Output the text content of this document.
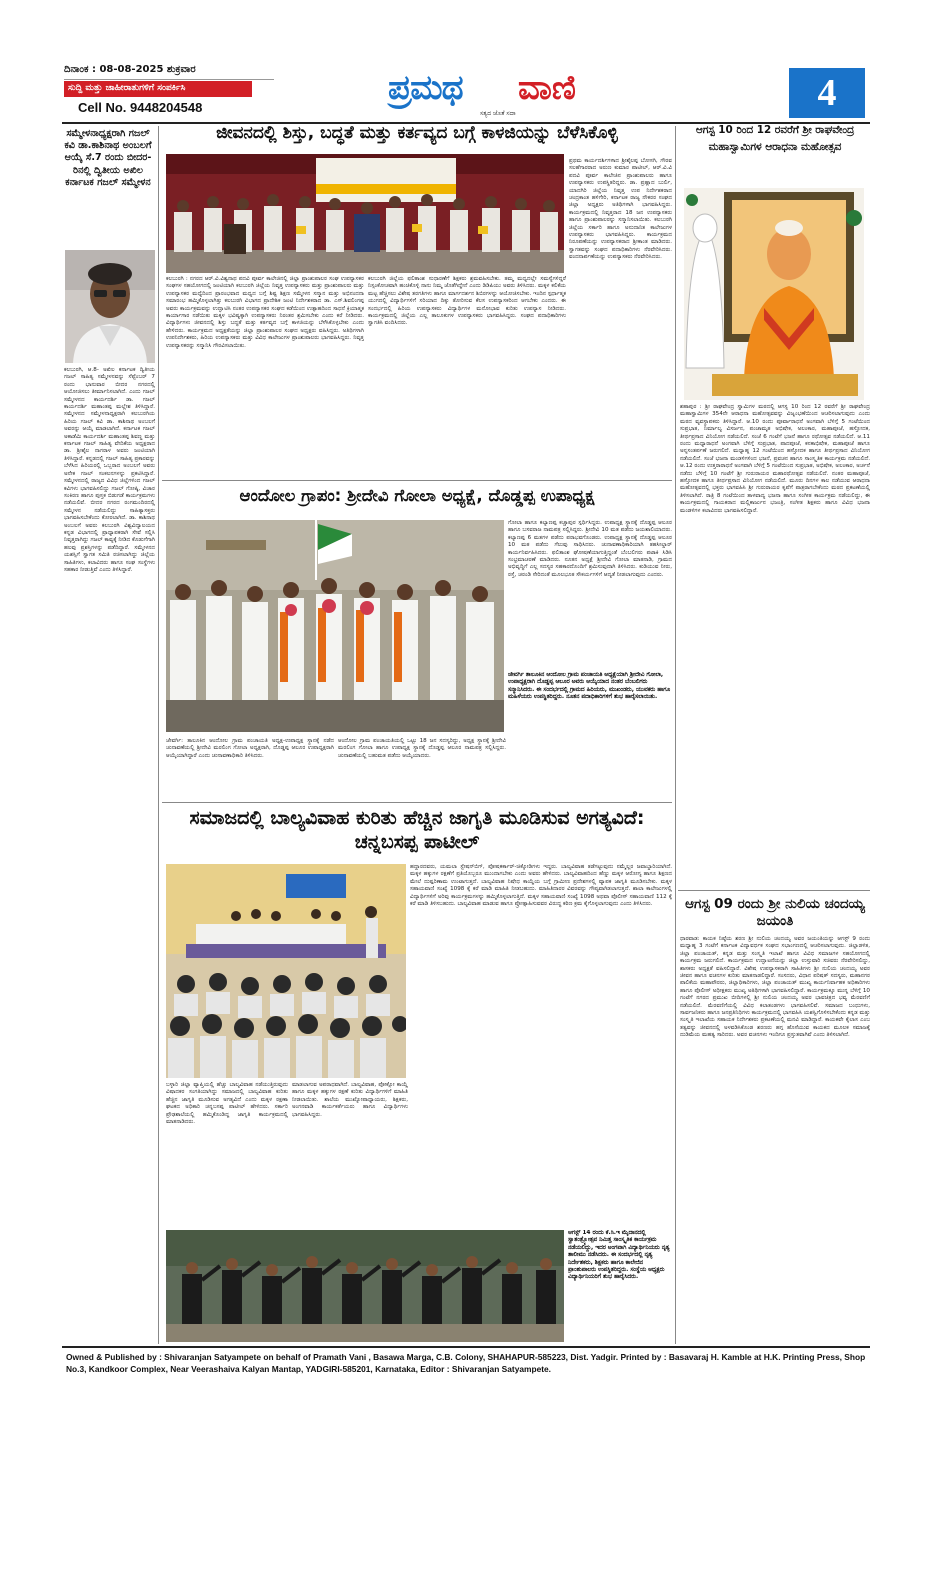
ದಿನಾಂಕ : 08-08-2025 ಶುಕ್ರವಾರ
ಸುದ್ದಿ ಮತ್ತು ಜಾಹೀರಾತುಗಳಿಗೆ ಸಂಪರ್ಕಿಸಿ
Cell No. 9448204548	ಪ್ರಮಥ ವಾಣಿ
ಸತ್ಯದ ಜೊತೆ ಸದಾ	4
ಸಮ್ಮೇಳನಾಧ್ಯಕ್ಷರಾಗಿ ಗಜಲ್ ಕವಿ ಡಾ.ಕಾಶಿನಾಥ ಅಂಬಲಗೆ ಆಯ್ಕೆ ಸೆ.7 ರಂದು ಬೀದರ-ರಿನಲ್ಲಿ ದ್ವಿತೀಯ ಅಖಿಲ ಕರ್ನಾಟಕ ಗಜಲ್ ಸಮ್ಮೇಳನ
ಕಲಬುರಗಿ, ಆ.8- ಅಖಿಲ ಕರ್ನಾಟಕ ದ್ವಿತೀಯ ಗಜಲ್ ಸಾಹಿತ್ಯ ಸಮ್ಮೇಳನವನ್ನು ಸೆಪ್ಟೆಂಬರ್ 7 ರಂದು ಭಾನುವಾರ ಬೀದರ ನಗರದಲ್ಲಿ ಆಯೋಜಿಸಲು ತೀರ್ಮಾನಿಸಲಾಗಿದೆ. ಎಂದು ಗಜಲ್ ಸಮ್ಮೇಳನದ ಕಾರ್ಯದರ್ಶಿ ಡಾ. ಗಜಲ್ ಕಾರ್ಯದರ್ಶಿ ಮಹಾಂತಪ್ಪ ಮಲ್ಲೇಶ ತಿಳಿಸಿದ್ದಾರೆ. ಸಮ್ಮೇಳನದ ಸಮ್ಮೇಳನಾಧ್ಯಕ್ಷರಾಗಿ ಕಲಬುರಗಿಯ ಹಿರಿಯ ಗಜಲ್ ಕವಿ ಡಾ. ಕಾಶಿನಾಥ ಅಂಬಲಗೆ ಅವರನ್ನು ಆಯ್ಕೆ ಮಾಡಲಾಗಿದೆ. ಕರ್ನಾಟಕ ಗಜಲ್ ಅಕಾಡೆಮಿ ಕಾರ್ಯದರ್ಶಿ ಮಹಾಂತಪ್ಪ ಶಿವಣ್ಣ ಮತ್ತು ಕರ್ನಾಟಕ ಗಜಲ್ ಸಾಹಿತ್ಯ ವೇದಿಕೆಯ ಅಧ್ಯಕ್ಷರಾದ ಡಾ. ಶ್ರೀಶೈಲ ನಾಗರಾಳ ಅವರು ಜಂಟಿಯಾಗಿ ತಿಳಿಸಿದ್ದಾರೆ. ಕನ್ನಡದಲ್ಲಿ ಗಜಲ್ ಸಾಹಿತ್ಯ ಪ್ರಕಾರವನ್ನು ಬೆಳೆಸಿದ ಹಿರಿಯರಲ್ಲಿ ಒಬ್ಬರಾದ ಅಂಬಲಗೆ ಅವರು ಅನೇಕ ಗಜಲ್ ಸಂಕಲನಗಳನ್ನು ಪ್ರಕಟಿಸಿದ್ದಾರೆ. ಸಮ್ಮೇಳನದಲ್ಲಿ ರಾಜ್ಯದ ವಿವಿಧ ಜಿಲ್ಲೆಗಳಿಂದ ಗಜಲ್ ಕವಿಗಳು ಭಾಗವಹಿಸಲಿದ್ದು ಗಜಲ್ ಗೋಷ್ಠಿ, ವಿಚಾರ ಸಂಕಿರಣ ಹಾಗೂ ಪುಸ್ತಕ ಬಿಡುಗಡೆ ಕಾರ್ಯಕ್ರಮಗಳು ನಡೆಯಲಿವೆ. ಬೀದರ ನಗರದ ರಂಗಮಂದಿರದಲ್ಲಿ ಸಮ್ಮೇಳನ ನಡೆಯಲಿದ್ದು ಸಾಹಿತ್ಯಾಸಕ್ತರು ಭಾಗವಹಿಸಬೇಕೆಂದು ಕೋರಲಾಗಿದೆ. ಡಾ. ಕಾಶಿನಾಥ ಅಂಬಲಗೆ ಅವರು ಕಲಬುರಗಿ ವಿಶ್ವವಿದ್ಯಾಲಯದ ಕನ್ನಡ ವಿಭಾಗದಲ್ಲಿ ಪ್ರಾಧ್ಯಾಪಕರಾಗಿ ಸೇವೆ ಸಲ್ಲಿಸಿ ನಿವೃತ್ತರಾಗಿದ್ದು ಗಜಲ್ ಕಾವ್ಯಕ್ಕೆ ನೀಡಿದ ಕೊಡುಗೆಗಾಗಿ ಹಲವು ಪ್ರಶಸ್ತಿಗಳನ್ನು ಪಡೆದಿದ್ದಾರೆ. ಸಮ್ಮೇಳನದ ಯಶಸ್ಸಿಗೆ ಸ್ವಾಗತ ಸಮಿತಿ ರಚಿಸಲಾಗಿದ್ದು ಜಿಲ್ಲೆಯ ಸಾಹಿತಿಗಳು, ಕಲಾವಿದರು ಹಾಗೂ ಸಂಘ ಸಂಸ್ಥೆಗಳು ಸಹಕಾರ ನೀಡುತ್ತಿವೆ ಎಂದು ತಿಳಿಸಿದ್ದಾರೆ.
ಜೀವನದಲ್ಲಿ ಶಿಸ್ತು, ಬದ್ಧತೆ ಮತ್ತು ಕರ್ತವ್ಯದ ಬಗ್ಗೆ ಕಾಳಜಿಯನ್ನು ಬೆಳೆಸಿಕೊಳ್ಳಿ
ಕಲಬುರಗಿ : ನಗರದ ಆರ್.ವಿ.ವಿಶ್ವನಾಥ ಪದವಿ ಪೂರ್ವ ಕಾಲೇಜಿನಲ್ಲಿ ಜಿಲ್ಲಾ ಪ್ರಾಂಶುಪಾಲರ ಸಂಘ ಉಪನ್ಯಾಸಕರ ಸಂಘಗಳ ಸಹಯೋಗದಲ್ಲಿ ಜಂಟಿಯಾಗಿ ಕಲಬುರಗಿ ಜಿಲ್ಲೆಯ ನಿವೃತ್ತ ಉಪನ್ಯಾಸಕರು ಮತ್ತು ಪ್ರಾಂಶುಪಾಲರು ಮತ್ತು ಉಪನ್ಯಾಸಕರ ಮಧ್ಯೆದಿಂದ ಪ್ರಾರಂಭವಾದ ಮಧ್ಯದ ಬಗ್ಗೆ ಶಿಷ್ಟ ಶಿಕ್ಷಣ ಸಮ್ಮೇಳನ ಸನ್ಮಾನ ಮತ್ತು ಅಭಿನಂದನಾ ಸಮಾರಂಭ ಹಮ್ಮಿಕೊಳ್ಳಲಾಗಿತ್ತು ಕಲಬುರಗಿ ವಿಭಾಗದ ಪ್ರಾದೇಶಿಕ ಜಂಟಿ ನಿರ್ದೇಶಕರಾದ ಡಾ. ಎಸ್.ಶಿವಲಿಂಗಪ್ಪ ಅವರು ಕಾರ್ಯಕ್ರಮವನ್ನು ಉದ್ಘಾಟಿಸಿ ನಂತರ ಉಪನ್ಯಾಸಕರ ಸಂಘದ ಕಡೆಯಿಂದ ಉತ್ಸಾಹದಿಂದ ಸಾಧನೆ ಕ್ರಿಯಾತ್ಮಕ ಕಾರ್ಯಾಗಾರ ನಡೆಯಿತು ಮಕ್ಕಳ ಭವಿಷ್ಯಕ್ಕಾಗಿ ಉಪನ್ಯಾಸಕರು ನಿರಂತರ ಶ್ರಮಿಸಬೇಕು ಎಂದು ಕರೆ ನೀಡಿದರು. ವಿದ್ಯಾರ್ಥಿಗಳು ಜೀವನದಲ್ಲಿ ಶಿಸ್ತು ಬದ್ಧತೆ ಮತ್ತು ಕರ್ತವ್ಯದ ಬಗ್ಗೆ ಕಾಳಜಿಯನ್ನು ಬೆಳೆಸಿಕೊಳ್ಳಬೇಕು ಎಂದು ಹೇಳಿದರು. ಕಾರ್ಯಕ್ರಮದ ಅಧ್ಯಕ್ಷತೆಯನ್ನು ಜಿಲ್ಲಾ ಪ್ರಾಂಶುಪಾಲರ ಸಂಘದ ಅಧ್ಯಕ್ಷರು ವಹಿಸಿದ್ದರು. ಅತಿಥಿಗಳಾಗಿ ಉಪನಿರ್ದೇಶಕರು, ಹಿರಿಯ ಉಪನ್ಯಾಸಕರು ಮತ್ತು ವಿವಿಧ ಕಾಲೇಜುಗಳ ಪ್ರಾಂಶುಪಾಲರು ಭಾಗವಹಿಸಿದ್ದರು. ನಿವೃತ್ತ ಉಪನ್ಯಾಸಕರನ್ನು ಸನ್ಮಾನಿಸಿ ಗೌರವಿಸಲಾಯಿತು.
ಕಲಬುರಗಿ ಜಿಲ್ಲೆಯ ಫಲಿತಾಂಶ ಸುಧಾರಣೆಗೆ ಶಿಕ್ಷಕರು ಶ್ರಮವಹಿಸಬೇಕು. ತಮ್ಮ ಮಧ್ಯದಲ್ಲೇ ಸಮಸ್ಯೆಗಳಿದ್ದರೆ ನಿಸ್ಸಂಕೋಚವಾಗಿ ಹಂಚಿಕೊಳ್ಳಿ ನಾನು ನಿಮ್ಮ ಜೊತೆಗಿದ್ದೇನೆ ಎಂದು ಡಿಡಿಪಿಯು ಅವರು ತಿಳಿಸಿದರು. ಮಕ್ಕಳ ಕಲಿಕೆಯ ಮಟ್ಟ ಹೆಚ್ಚಿಸಲು ವಿಶೇಷ ತರಗತಿಗಳು ಹಾಗೂ ಮಾರ್ಗದರ್ಶನ ಶಿಬಿರಗಳನ್ನು ಆಯೋಜಿಸಬೇಕು. ಇಂದಿನ ಸ್ಪರ್ಧಾತ್ಮಕ ಯುಗದಲ್ಲಿ ವಿದ್ಯಾರ್ಥಿಗಳಿಗೆ ಸರಿಯಾದ ದಿಕ್ಕು ತೋರಿಸುವ ಕೆಲಸ ಉಪನ್ಯಾಸಕರಿಂದ ಆಗಬೇಕು ಎಂದರು. ಈ ಸಂದರ್ಭದಲ್ಲಿ ಹಿರಿಯ ಉಪನ್ಯಾಸಕರು ವಿದ್ಯಾರ್ಥಿಗಳ ಮನೋಭಾವ ಕುರಿತು ಉಪನ್ಯಾಸ ನೀಡಿದರು. ಕಾರ್ಯಕ್ರಮದಲ್ಲಿ ಜಿಲ್ಲೆಯ ಎಲ್ಲ ತಾಲೂಕುಗಳ ಉಪನ್ಯಾಸಕರು ಭಾಗವಹಿಸಿದ್ದರು. ಸಂಘದ ಪದಾಧಿಕಾರಿಗಳು ಸ್ವಾಗತಿಸಿ ವಂದಿಸಿದರು.
ಪ್ರಥಮ ಕಾರ್ಯದರ್ಶಿಗಳಾದ ಶ್ರೀಶೈಲಪ್ಪ ಬೋಸಗಿ, ಗೌರವ ಸಲಹೆಗಾರರಾದ ಅರುಣ ಕುಮಾರ ಪಾಟೀಲ್, ಆರ್.ವಿ.ವಿ ಪದವಿ ಪೂರ್ವ ಕಾಲೇಜಿನ ಪ್ರಾಂಶುಪಾಲರು ಹಾಗೂ ಉಪನ್ಯಾಸಕರು ಉಪಸ್ಥಿತರಿದ್ದರು. ಡಾ. ಪ್ರಹ್ಲಾದ ಬುರ್ಲಿ, ಯಾದಗಿರಿ ಜಿಲ್ಲೆಯ ನಿವೃತ್ತ ಉಪ ನಿರ್ದೇಶಕರಾದ ಚಂದ್ರಕಾಂತ ಹಳಿಗೇರಿ, ಕರ್ನಾಟಕ ರಾಜ್ಯ ನೌಕರರ ಸಂಘದ ಜಿಲ್ಲಾ ಅಧ್ಯಕ್ಷರು ಅತಿಥಿಗಳಾಗಿ ಭಾಗವಹಿಸಿದ್ದರು. ಕಾರ್ಯಕ್ರಮದಲ್ಲಿ ನಿವೃತ್ತರಾದ 18 ಜನ ಉಪನ್ಯಾಸಕರು ಹಾಗೂ ಪ್ರಾಂಶುಪಾಲರನ್ನು ಸನ್ಮಾನಿಸಲಾಯಿತು. ಕಲಬುರಗಿ ಜಿಲ್ಲೆಯ ಸರ್ಕಾರಿ ಹಾಗೂ ಅನುದಾನಿತ ಕಾಲೇಜುಗಳ ಉಪನ್ಯಾಸಕರು ಭಾಗವಹಿಸಿದ್ದರು. ಕಾರ್ಯಕ್ರಮದ ನಿರೂಪಣೆಯನ್ನು ಉಪನ್ಯಾಸಕರಾದ ಶ್ರೀಕಾಂತ ಮಾಡಿದರು. ಸ್ವಾಗತವನ್ನು ಸಂಘದ ಪದಾಧಿಕಾರಿಗಳು ನೆರವೇರಿಸಿದರು. ವಂದನಾರ್ಪಣೆಯನ್ನು ಉಪನ್ಯಾಸಕರು ನೆರವೇರಿಸಿದರು.
ಆಗಸ್ಟ 10 ರಿಂದ 12 ರವರೆಗೆ ಶ್ರೀ ರಾಘವೇಂದ್ರ ಮಹಾಸ್ವಾಮಿಗಳ ಆರಾಧನಾ ಮಹೋತ್ಸವ
ಶಹಾಪುರ : ಶ್ರೀ ರಾಘವೇಂದ್ರ ಸ್ವಾಮಿಗಳ ಮಠದಲ್ಲಿ ಆಗಸ್ಟ 10 ರಿಂದ 12 ರವರೆಗೆ ಶ್ರೀ ರಾಘವೇಂದ್ರ ಮಹಾಸ್ವಾಮಿಗಳ 354ನೇ ಆರಾಧನಾ ಮಹೋತ್ಸವವನ್ನು ವಿಜೃಂಭಣೆಯಿಂದ ಆಚರಿಸಲಾಗುವುದು ಎಂದು ಮಠದ ವ್ಯವಸ್ಥಾಪಕರು ತಿಳಿಸಿದ್ದಾರೆ. ಆ.10 ರಂದು ಪೂರ್ವಾರಾಧನೆ ಅಂಗವಾಗಿ ಬೆಳಿಗ್ಗೆ 5 ಗಂಟೆಯಿಂದ ಸುಪ್ರಭಾತ, ನಿರ್ಮಾಲ್ಯ ವಿಸರ್ಜನ, ಪಂಚಾಮೃತ ಅಭಿಷೇಕ, ಅಲಂಕಾರ, ಮಹಾಪೂಜೆ, ಹಸ್ತೋದಕ, ತೀರ್ಥಪ್ರಸಾದ ವಿನಿಯೋಗ ನಡೆಯಲಿದೆ. ಸಂಜೆ 6 ಗಂಟೆಗೆ ಭಜನೆ ಹಾಗೂ ರಥೋತ್ಸವ ನಡೆಯಲಿದೆ. ಆ.11 ರಂದು ಮಧ್ಯಾರಾಧನೆ ಅಂಗವಾಗಿ ಬೆಳಿಗ್ಗೆ ಸುಪ್ರಭಾತ, ಪಾದಪೂಜೆ, ಕನಕಾಭಿಷೇಕ, ಮಹಾಪೂಜೆ ಹಾಗೂ ಅನ್ನಸಂತರ್ಪಣೆ ಜರುಗಲಿದೆ. ಮಧ್ಯಾಹ್ನ 12 ಗಂಟೆಯಿಂದ ಹಸ್ತೋದಕ ಹಾಗೂ ತೀರ್ಥಪ್ರಸಾದ ವಿನಿಯೋಗ ನಡೆಯಲಿದೆ. ಸಂಜೆ ಭಜನಾ ಮಂಡಳಿಗಳಿಂದ ಭಜನೆ, ಪ್ರವಚನ ಹಾಗೂ ಸಾಂಸ್ಕೃತಿಕ ಕಾರ್ಯಕ್ರಮ ನಡೆಯಲಿದೆ. ಆ.12 ರಂದು ಉತ್ತರಾರಾಧನೆ ಅಂಗವಾಗಿ ಬೆಳಿಗ್ಗೆ 5 ಗಂಟೆಯಿಂದ ಸುಪ್ರಭಾತ, ಅಭಿಷೇಕ, ಅಲಂಕಾರ, ಅರ್ಚನೆ ನಡೆದು ಬೆಳಿಗ್ಗೆ 10 ಗಂಟೆಗೆ ಶ್ರೀ ಗುರುರಾಯರ ಮಹಾರಥೋತ್ಸವ ನಡೆಯಲಿದೆ. ನಂತರ ಮಹಾಪೂಜೆ, ಹಸ್ತೋದಕ ಹಾಗೂ ತೀರ್ಥಪ್ರಸಾದ ವಿನಿಯೋಗ ನಡೆಯಲಿದೆ. ಮೂರು ದಿನಗಳ ಕಾಲ ನಡೆಯುವ ಆರಾಧನಾ ಮಹೋತ್ಸವದಲ್ಲಿ ಭಕ್ತರು ಭಾಗವಹಿಸಿ ಶ್ರೀ ಗುರುರಾಯರ ಕೃಪೆಗೆ ಪಾತ್ರರಾಗಬೇಕೆಂದು ಮಠದ ಪ್ರಕಟಣೆಯಲ್ಲಿ ತಿಳಿಸಲಾಗಿದೆ. ರಾತ್ರಿ 8 ಗಂಟೆಯಿಂದ ತಾಳವಾದ್ಯ ಭಜನಾ ಹಾಗೂ ಸಂಗೀತ ಕಾರ್ಯಕ್ರಮ ನಡೆಯಲಿದ್ದು, ಈ ಕಾರ್ಯಕ್ರಮದಲ್ಲಿ ಗಾಯಕರಾದ ಮಲ್ಲಿಕಾರ್ಜುನ ಭಜಂತ್ರಿ, ಸಂಗೀತ ಶಿಕ್ಷಕರು ಹಾಗೂ ವಿವಿಧ ಭಜನಾ ಮಂಡಳಿಗಳ ಕಲಾವಿದರು ಭಾಗವಹಿಸಲಿದ್ದಾರೆ.
ಆಗಸ್ಟ 09 ರಂದು ಶ್ರೀ ನುಲಿಯ ಚಂದಯ್ಯ ಜಯಂತಿ
ಧಾರವಾಡ: ಕಾಯಕ ನಿಷ್ಠೆಯ ಶರಣ ಶ್ರೀ ನುಲಿಯ ಚಂದಯ್ಯ ಅವರ ಜಯಂತಿಯನ್ನು ಆಗಸ್ಟ್ 9 ರಂದು ಮಧ್ಯಾಹ್ನ 3 ಗಂಟೆಗೆ ಕರ್ನಾಟಕ ವಿದ್ಯಾವರ್ಧಕ ಸಂಘದ ಸಭಾಂಗಣದಲ್ಲಿ ಆಚರಿಸಲಾಗುವುದು. ಜಿಲ್ಲಾಡಳಿತ, ಜಿಲ್ಲಾ ಪಂಚಾಯತ್, ಕನ್ನಡ ಮತ್ತು ಸಂಸ್ಕೃತಿ ಇಲಾಖೆ ಹಾಗೂ ವಿವಿಧ ಸಮಾಜಗಳ ಸಹಯೋಗದಲ್ಲಿ ಕಾರ್ಯಕ್ರಮ ಜರುಗಲಿದೆ. ಕಾರ್ಯಕ್ರಮದ ಉದ್ಘಾಟನೆಯನ್ನು ಜಿಲ್ಲಾ ಉಸ್ತುವಾರಿ ಸಚಿವರು ನೆರವೇರಿಸಲಿದ್ದು, ಶಾಸಕರು ಅಧ್ಯಕ್ಷತೆ ವಹಿಸಲಿದ್ದಾರೆ. ವಿಶೇಷ ಉಪನ್ಯಾಸಕರಾಗಿ ಸಾಹಿತಿಗಳು ಶ್ರೀ ನುಲಿಯ ಚಂದಯ್ಯ ಅವರ ಜೀವನ ಹಾಗೂ ವಚನಗಳ ಕುರಿತು ಮಾತನಾಡಲಿದ್ದಾರೆ. ಸಂಸದರು, ವಿಧಾನ ಪರಿಷತ್ ಸದಸ್ಯರು, ಮಹಾನಗರ ಪಾಲಿಕೆಯ ಮಹಾಪೌರರು, ಜಿಲ್ಲಾಧಿಕಾರಿಗಳು, ಜಿಲ್ಲಾ ಪಂಚಾಯತ್ ಮುಖ್ಯ ಕಾರ್ಯನಿರ್ವಾಹಕ ಅಧಿಕಾರಿಗಳು ಹಾಗೂ ಪೊಲೀಸ್ ಅಧೀಕ್ಷಕರು ಮುಖ್ಯ ಅತಿಥಿಗಳಾಗಿ ಭಾಗವಹಿಸಲಿದ್ದಾರೆ. ಕಾರ್ಯಕ್ರಮಕ್ಕೂ ಮುನ್ನ ಬೆಳಿಗ್ಗೆ 10 ಗಂಟೆಗೆ ನಗರದ ಪ್ರಮುಖ ಬೀದಿಗಳಲ್ಲಿ ಶ್ರೀ ನುಲಿಯ ಚಂದಯ್ಯ ಅವರ ಭಾವಚಿತ್ರದ ಭವ್ಯ ಮೆರವಣಿಗೆ ನಡೆಯಲಿದೆ. ಮೆರವಣಿಗೆಯಲ್ಲಿ ವಿವಿಧ ಕಲಾತಂಡಗಳು ಭಾಗವಹಿಸಲಿವೆ. ಸಮಾಜದ ಬಂಧುಗಳು, ಸಾರ್ವಜನಿಕರು ಹಾಗೂ ಜನಪ್ರತಿನಿಧಿಗಳು ಕಾರ್ಯಕ್ರಮದಲ್ಲಿ ಭಾಗವಹಿಸಿ ಯಶಸ್ವಿಗೊಳಿಸಬೇಕೆಂದು ಕನ್ನಡ ಮತ್ತು ಸಂಸ್ಕೃತಿ ಇಲಾಖೆಯ ಸಹಾಯಕ ನಿರ್ದೇಶಕರು ಪ್ರಕಟಣೆಯಲ್ಲಿ ಮನವಿ ಮಾಡಿದ್ದಾರೆ. ಕಾಯಕವೇ ಕೈಲಾಸ ಎಂಬ ತತ್ವವನ್ನು ಜೀವನದಲ್ಲಿ ಅಳವಡಿಸಿಕೊಂಡ ಶರಣರು ಹಗ್ಗ ಹೊಸೆಯುವ ಕಾಯಕದ ಮೂಲಕ ಸಮಾಜಕ್ಕೆ ದುಡಿಮೆಯ ಮಹತ್ವ ಸಾರಿದರು. ಅವರ ವಚನಗಳು ಇಂದಿಗೂ ಪ್ರಸ್ತುತವಾಗಿವೆ ಎಂದು ತಿಳಿಸಲಾಗಿದೆ.
ಆಂದೋಲ ಗ್ರಾಪಂ: ಶ್ರೀದೇವಿ ಗೋಲಾ ಅಧ್ಯಕ್ಷೆ, ದೊಡ್ಡಪ್ಪ ಉಪಾಧ್ಯಕ್ಷ
ಗೋಲಾ ಹಾಗೂ ಕಲ್ಯಾಣಪ್ಪ ಕಚ್ಚಾಪುರ ಸ್ಪರ್ಧಿಸಿದ್ದರು. ಉಪಾಧ್ಯಕ್ಷ ಸ್ಥಾನಕ್ಕೆ ದೊಡ್ಡಪ್ಪ ಆಲೂರ ಹಾಗೂ ಬಸವರಾಜ ನಾಮಪತ್ರ ಸಲ್ಲಿಸಿದ್ದರು. ಶ್ರೀದೇವಿ 10 ಮತ ಪಡೆದು ಜಯಶಾಲಿಯಾದರು. ಕಲ್ಯಾಣಪ್ಪ 6 ಮತಗಳ ಪಡೆದು ಪರಾಭವಗೊಂಡರು. ಉಪಾಧ್ಯಕ್ಷ ಸ್ಥಾನಕ್ಕೆ ದೊಡ್ಡಪ್ಪ ಆಲೂರ 10 ಮತ ಪಡೆದು ಗೆಲುವು ಸಾಧಿಸಿದರು. ಚುನಾವಣಾಧಿಕಾರಿಯಾಗಿ ತಹಸೀಲ್ದಾರ್ ಕಾರ್ಯನಿರ್ವಹಿಸಿದರು. ಫಲಿತಾಂಶ ಘೋಷಣೆಯಾಗುತ್ತಿದ್ದಂತೆ ಬೆಂಬಲಿಗರು ಪಟಾಕಿ ಸಿಡಿಸಿ ಸಂಭ್ರಮಾಚರಣೆ ಮಾಡಿದರು. ನೂತನ ಅಧ್ಯಕ್ಷೆ ಶ್ರೀದೇವಿ ಗೋಲಾ ಮಾತನಾಡಿ, ಗ್ರಾಮದ ಅಭಿವೃದ್ಧಿಗೆ ಎಲ್ಲ ಸದಸ್ಯರ ಸಹಕಾರದೊಂದಿಗೆ ಶ್ರಮಿಸುವುದಾಗಿ ತಿಳಿಸಿದರು. ಕುಡಿಯುವ ನೀರು, ರಸ್ತೆ, ಚರಂಡಿ ಸೇರಿದಂತೆ ಮೂಲಭೂತ ಸೌಕರ್ಯಗಳಿಗೆ ಆದ್ಯತೆ ನೀಡಲಾಗುವುದು ಎಂದರು.
ಜೇವರ್ಗಿ ತಾಲೂಕಿನ ಆಂದೋಲ ಗ್ರಾಮ ಪಂಚಾಯತಿ ಅಧ್ಯಕ್ಷೆಯಾಗಿ ಶ್ರೀದೇವಿ ಗೋಲಾ, ಉಪಾಧ್ಯಕ್ಷರಾಗಿ ದೊಡ್ಡಪ್ಪ ಆಲೂರ ಅವರು ಆಯ್ಕೆಯಾದ ನಂತರ ಬೆಂಬಲಿಗರು ಸನ್ಮಾನಿಸಿದರು. ಈ ಸಂದರ್ಭದಲ್ಲಿ ಗ್ರಾಮದ ಹಿರಿಯರು, ಮುಖಂಡರು, ಯುವಕರು ಹಾಗೂ ಮಹಿಳೆಯರು ಉಪಸ್ಥಿತರಿದ್ದರು. ನೂತನ ಪದಾಧಿಕಾರಿಗಳಿಗೆ ಶುಭ ಹಾರೈಸಲಾಯಿತು.
ಜೇವರ್ಗಿ: ತಾಲೂಕಿನ ಆಂದೋಲ ಗ್ರಾಮ ಪಂಚಾಯತಿ ಅಧ್ಯಕ್ಷ-ಉಪಾಧ್ಯಕ್ಷ ಸ್ಥಾನಕ್ಕೆ ನಡೆದ ಚುನಾವಣೆಯಲ್ಲಿ ಶ್ರೀದೇವಿ ಮರಲಿಂಗ ಗೋಲಾ ಅಧ್ಯಕ್ಷರಾಗಿ, ದೊಡ್ಡಪ್ಪ ಆಲೂರ ಉಪಾಧ್ಯಕ್ಷರಾಗಿ ಆಯ್ಕೆಯಾಗಿದ್ದಾರೆ ಎಂದು ಚುನಾವಣಾಧಿಕಾರಿ ತಿಳಿಸಿದರು.
ಆಂದೋಲ ಗ್ರಾಮ ಪಂಚಾಯತಿಯಲ್ಲಿ ಒಟ್ಟು 18 ಜನ ಸದಸ್ಯರಿದ್ದು, ಅಧ್ಯಕ್ಷ ಸ್ಥಾನಕ್ಕೆ ಶ್ರೀದೇವಿ ಮರಲಿಂಗ ಗೋಲಾ ಹಾಗೂ ಉಪಾಧ್ಯಕ್ಷ ಸ್ಥಾನಕ್ಕೆ ದೊಡ್ಡಪ್ಪ ಆಲೂರ ನಾಮಪತ್ರ ಸಲ್ಲಿಸಿದ್ದರು. ಚುನಾವಣೆಯಲ್ಲಿ ಬಹುಮತ ಪಡೆದು ಆಯ್ಕೆಯಾದರು.
ಸಮಾಜದಲ್ಲಿ ಬಾಲ್ಯವಿವಾಹ ಕುರಿತು ಹೆಚ್ಚಿನ ಜಾಗೃತಿ ಮೂಡಿಸುವ ಅಗತ್ಯವಿದೆ: ಚನ್ನಬಸಪ್ಪ ಪಾಟೀಲ್
ಹದ್ದಾರದವರು, ಯಮಲಾ ಸ್ಟೇಷನ್‌ಬಿಗ್, ಪೋಷಕರ್ಕಾರ್-ಚಿಕ್ಕೋಡಿಗಳು ಇದ್ದರು. ಬಾಲ್ಯವಿವಾಹ ತಡೆಗಟ್ಟುವುದು ನಮ್ಮೆಲ್ಲರ ಜವಾಬ್ದಾರಿಯಾಗಿದೆ. ಮಕ್ಕಳ ಹಕ್ಕುಗಳ ರಕ್ಷಣೆಗೆ ಪ್ರತಿಯೊಬ್ಬರೂ ಮುಂದಾಗಬೇಕು ಎಂದು ಅವರು ಹೇಳಿದರು. ಬಾಲ್ಯವಿವಾಹದಿಂದ ಹೆಣ್ಣು ಮಕ್ಕಳ ಆರೋಗ್ಯ ಹಾಗೂ ಶಿಕ್ಷಣದ ಮೇಲೆ ದುಷ್ಪರಿಣಾಮ ಉಂಟಾಗುತ್ತದೆ. ಬಾಲ್ಯವಿವಾಹ ನಿಷೇಧ ಕಾಯ್ದೆಯ ಬಗ್ಗೆ ಗ್ರಾಮೀಣ ಪ್ರದೇಶಗಳಲ್ಲಿ ವ್ಯಾಪಕ ಜಾಗೃತಿ ಮೂಡಿಸಬೇಕು. ಮಕ್ಕಳ ಸಹಾಯವಾಣಿ ಸಂಖ್ಯೆ 1098 ಕ್ಕೆ ಕರೆ ಮಾಡಿ ಮಾಹಿತಿ ನೀಡಬಹುದು. ಮಾಹಿತಿದಾರರ ವಿವರವನ್ನು ಗೌಪ್ಯವಾಗಿಡಲಾಗುತ್ತದೆ. ಶಾಲಾ ಕಾಲೇಜುಗಳಲ್ಲಿ ವಿದ್ಯಾರ್ಥಿಗಳಿಗೆ ಅರಿವು ಕಾರ್ಯಕ್ರಮಗಳನ್ನು ಹಮ್ಮಿಕೊಳ್ಳಲಾಗುತ್ತಿದೆ. ಮಕ್ಕಳ ಸಹಾಯವಾಣಿ ಸಂಖ್ಯೆ 1098 ಅಥವಾ ಪೊಲೀಸ್ ಸಹಾಯವಾಣಿ 112 ಕ್ಕೆ ಕರೆ ಮಾಡಿ ತಿಳಿಸಬಹುದು. ಬಾಲ್ಯವಿವಾಹ ಮಾಡುವ ಹಾಗೂ ಪ್ರೋತ್ಸಾಹಿಸುವವರ ವಿರುದ್ಧ ಕಠಿಣ ಕ್ರಮ ಕೈಗೊಳ್ಳಲಾಗುವುದು ಎಂದು ತಿಳಿಸಿದರು.
ಬಳ್ಳಾರಿ ಜಿಲ್ಲಾ ವ್ಯಾಪ್ತಿಯಲ್ಲಿ ಹೆಚ್ಚು ಬಾಲ್ಯವಿವಾಹ ನಡೆಯುತ್ತಿರುವುದು ವಿಷಾದಕರ ಸಂಗತಿಯಾಗಿದ್ದು ಸಮಾಜದಲ್ಲಿ ಬಾಲ್ಯವಿವಾಹ ಕುರಿತು ಹೆಚ್ಚಿನ ಜಾಗೃತಿ ಮೂಡಿಸುವ ಅಗತ್ಯವಿದೆ ಎಂದು ಮಕ್ಕಳ ರಕ್ಷಣಾ ಘಟಕದ ಅಧಿಕಾರಿ ಚನ್ನಬಸಪ್ಪ ಪಾಟೀಲ್ ಹೇಳಿದರು. ಸರ್ಕಾರಿ ಪ್ರೌಢಶಾಲೆಯಲ್ಲಿ ಹಮ್ಮಿಕೊಂಡಿದ್ದ ಜಾಗೃತಿ ಕಾರ್ಯಕ್ರಮದಲ್ಲಿ ಮಾತನಾಡಿದರು.
ಮಾಡಲಾಗುವ ಅಪರಾಧವಾಗಿದೆ. ಬಾಲ್ಯವಿವಾಹ, ಪೋಕ್ಸೋ ಕಾಯ್ದೆ ಹಾಗೂ ಮಕ್ಕಳ ಹಕ್ಕುಗಳ ರಕ್ಷಣೆ ಕುರಿತು ವಿದ್ಯಾರ್ಥಿಗಳಿಗೆ ಮಾಹಿತಿ ನೀಡಲಾಯಿತು. ಶಾಲೆಯ ಮುಖ್ಯೋಪಾಧ್ಯಾಯರು, ಶಿಕ್ಷಕರು, ಅಂಗನವಾಡಿ ಕಾರ್ಯಕರ್ತೆಯರು ಹಾಗೂ ವಿದ್ಯಾರ್ಥಿಗಳು ಭಾಗವಹಿಸಿದ್ದರು.
ಆಗಸ್ಟ್ 14 ರಂದು ಕೆ.ಸಿ.ಇ ಮೈದಾನದಲ್ಲಿ ಸ್ವಾತಂತ್ರ್ಯೋತ್ಸವ ನಿಮಿತ್ತ ಸಾಂಸ್ಕೃತಿಕ ಕಾರ್ಯಕ್ರಮ ನಡೆಯಲಿದ್ದು, ಇದರ ಅಂಗವಾಗಿ ವಿದ್ಯಾರ್ಥಿನಿಯರು ನೃತ್ಯ ತಾಲೀಮು ನಡೆಸಿದರು. ಈ ಸಂದರ್ಭದಲ್ಲಿ ನೃತ್ಯ ನಿರ್ದೇಶಕರು, ಶಿಕ್ಷಕರು ಹಾಗೂ ಕಾಲೇಜಿನ ಪ್ರಾಂಶುಪಾಲರು ಉಪಸ್ಥಿತರಿದ್ದರು. ಸಂಸ್ಥೆಯ ಅಧ್ಯಕ್ಷರು ವಿದ್ಯಾರ್ಥಿನಿಯರಿಗೆ ಶುಭ ಹಾರೈಸಿದರು.
Owned & Published by : Shivaranjan Satyampete on behalf of Pramath Vani , Basawa Marga, C.B. Colony, SHAHAPUR-585223, Dist. Yadgir. Printed by : Basavaraj H. Kamble at H.K. Printing Press, Shop No.3, Kandkoor Complex, Near Veerashaiva Kalyan Mantap, YADGIRI-585201, Karnataka, Editor : Shivaranjan Satyampete.
